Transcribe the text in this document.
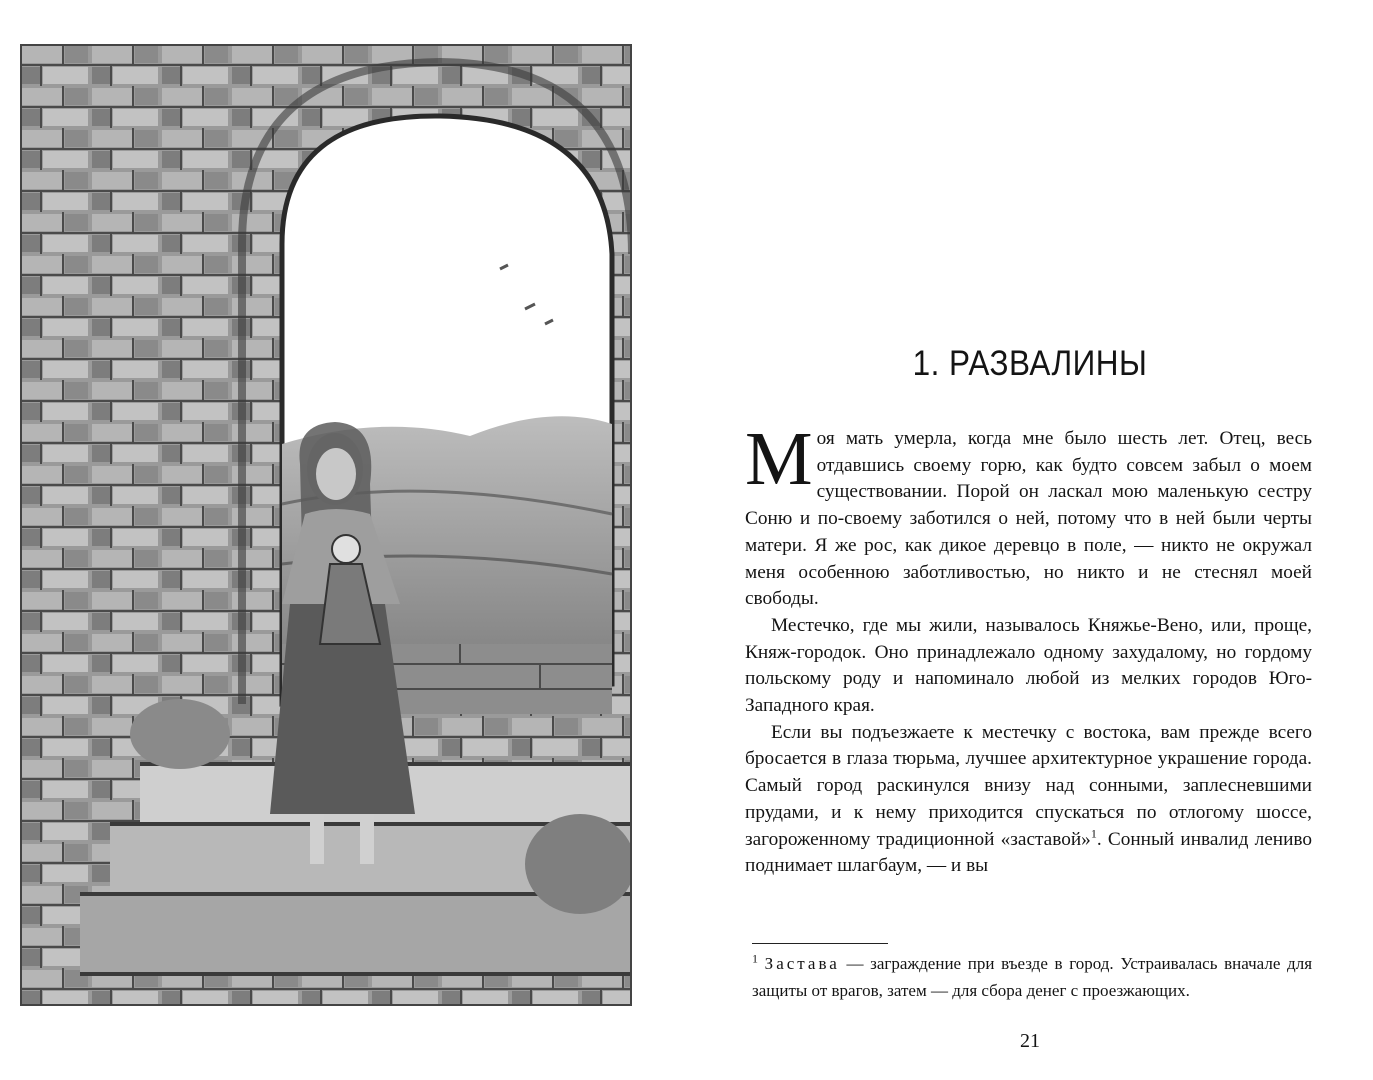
1. РАЗВАЛИНЫ

Моя мать умерла, когда мне было шесть лет. Отец, весь отдавшись своему горю, как будто совсем забыл о моем существовании. Порой он ласкал мою маленькую сестру Соню и по-своему заботился о ней, потому что в ней были черты матери. Я же рос, как дикое деревцо в поле, — никто не окружал меня особенною заботливостью, но никто и не стеснял моей свободы.

Местечко, где мы жили, называлось Княжье-Вено, или, проще, Княж-городок. Оно принадлежало одному захудалому, но гордому польскому роду и напоминало любой из мелких городов Юго-Западного края.

Если вы подъезжаете к местечку с востока, вам прежде всего бросается в глаза тюрьма, лучшее архитектурное украшение города. Самый город раскинулся внизу над сонными, заплесневшими прудами, и к нему приходится спускаться по отлогому шоссе, загороженному традиционной «заставой»$^1$. Сонный инвалид лениво поднимает шлагбаум, — и вы

$^1$ Застава — заграждение при въезде в город. Устраивалась вначале для защиты от врагов, затем — для сбора денег с проезжающих.
21
